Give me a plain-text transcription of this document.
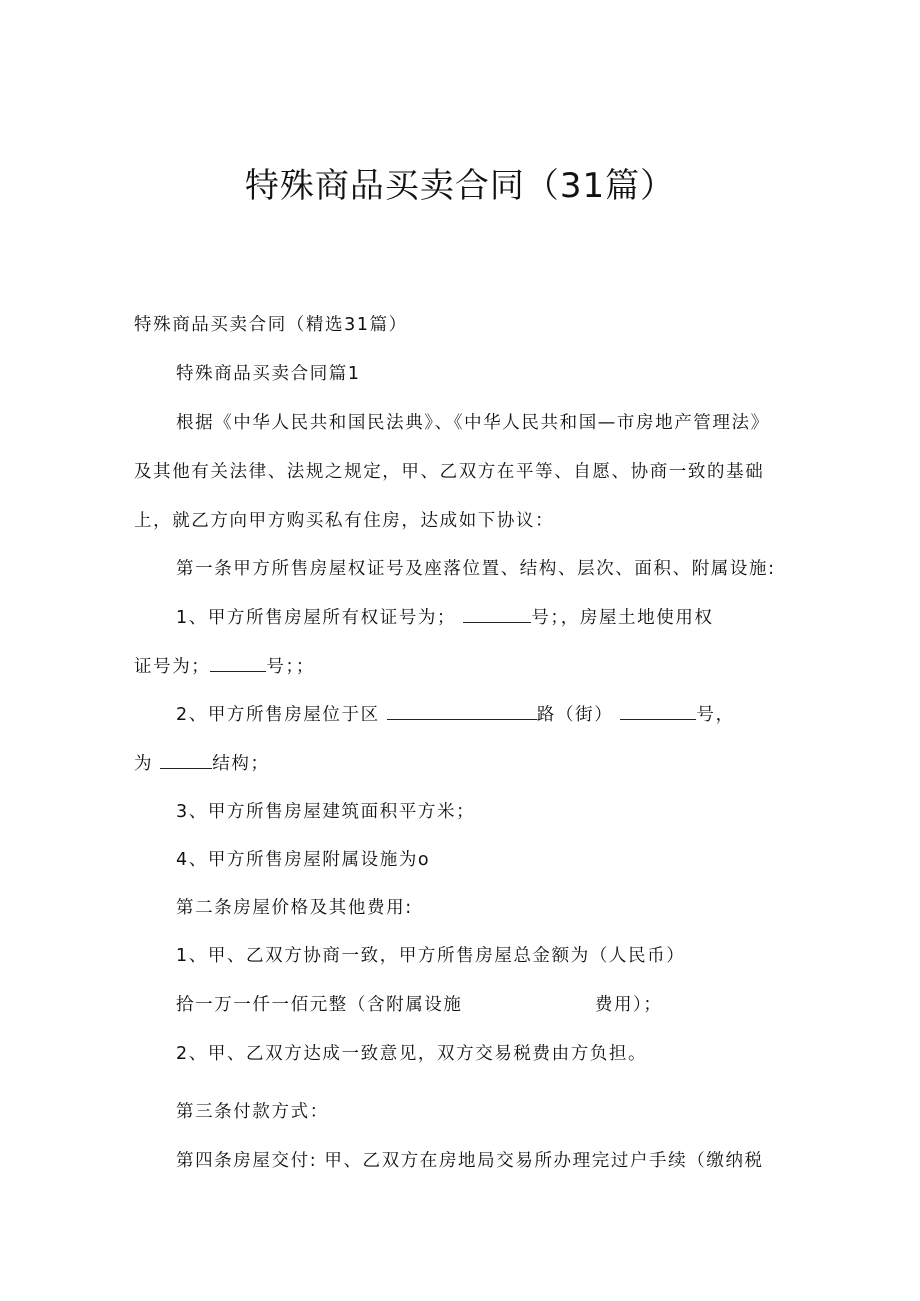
特殊商品买卖合同（31篇）
特殊商品买卖合同（精选31篇）
特殊商品买卖合同篇1
根据《中华人民共和国民法典》、《中华人民共和国—市房地产管理法》
及其他有关法律、法规之规定，甲、乙双方在平等、自愿、协商一致的基础
上，就乙方向甲方购买私有住房，达成如下协议：
第一条甲方所售房屋权证号及座落位置、结构、层次、面积、附属设施:
1、甲方所售房屋所有权证号为；	号；，房屋土地使用权
证号为；	号；；
2、甲方所售房屋位于区	路（街）	号，
为	结构；
3、甲方所售房屋建筑面积平方米；
4、甲方所售房屋附属设施为o
第二条房屋价格及其他费用:
1、甲、乙双方协商一致，甲方所售房屋总金额为（人民币）
拾一万一仟一佰元整（含附属设施	费用）；
2、甲、乙双方达成一致意见，双方交易税费由方负担。
第三条付款方式：
第四条房屋交付: 甲、乙双方在房地局交易所办理完过户手续（缴纳税
